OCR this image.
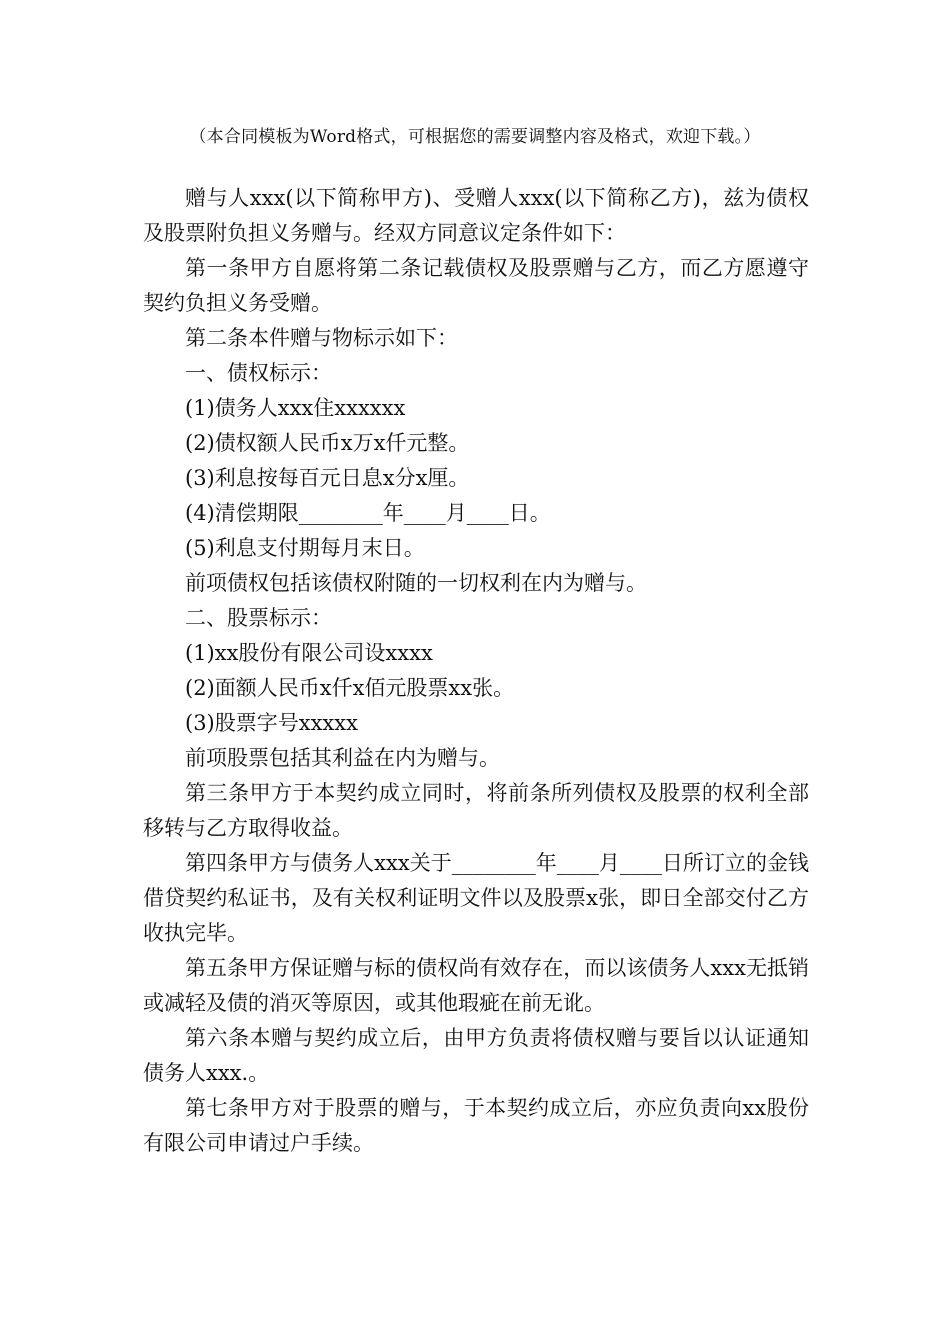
（本合同模板为Word格式，可根据您的需要调整内容及格式，欢迎下载。）

赠与人xxx(以下简称甲方)、受赠人xxx(以下简称乙方)，兹为债权及股票附负担义务赠与。经双方同意议定条件如下：

第一条甲方自愿将第二条记载债权及股票赠与乙方，而乙方愿遵守契约负担义务受赠。

第二条本件赠与物标示如下：

一、债权标示：

(1)债务人xxx住xxxxxx

(2)债权额人民币x万x仟元整。

(3)利息按每百元日息x分x厘。

(4)清偿期限________年____月____日。

(5)利息支付期每月末日。

前项债权包括该债权附随的一切权利在内为赠与。

二、股票标示：

(1)xx股份有限公司设xxxx

(2)面额人民币x仟x佰元股票xx张。

(3)股票字号xxxxx

前项股票包括其利益在内为赠与。

第三条甲方于本契约成立同时，将前条所列债权及股票的权利全部移转与乙方取得收益。

第四条甲方与债务人xxx关于________年____月____日所订立的金钱借贷契约私证书，及有关权利证明文件以及股票x张，即日全部交付乙方收执完毕。

第五条甲方保证赠与标的债权尚有效存在，而以该债务人xxx无抵销或减轻及债的消灭等原因，或其他瑕疵在前无讹。

第六条本赠与契约成立后，由甲方负责将债权赠与要旨以认证通知债务人xxx.。

第七条甲方对于股票的赠与，于本契约成立后，亦应负责向xx股份有限公司申请过户手续。
